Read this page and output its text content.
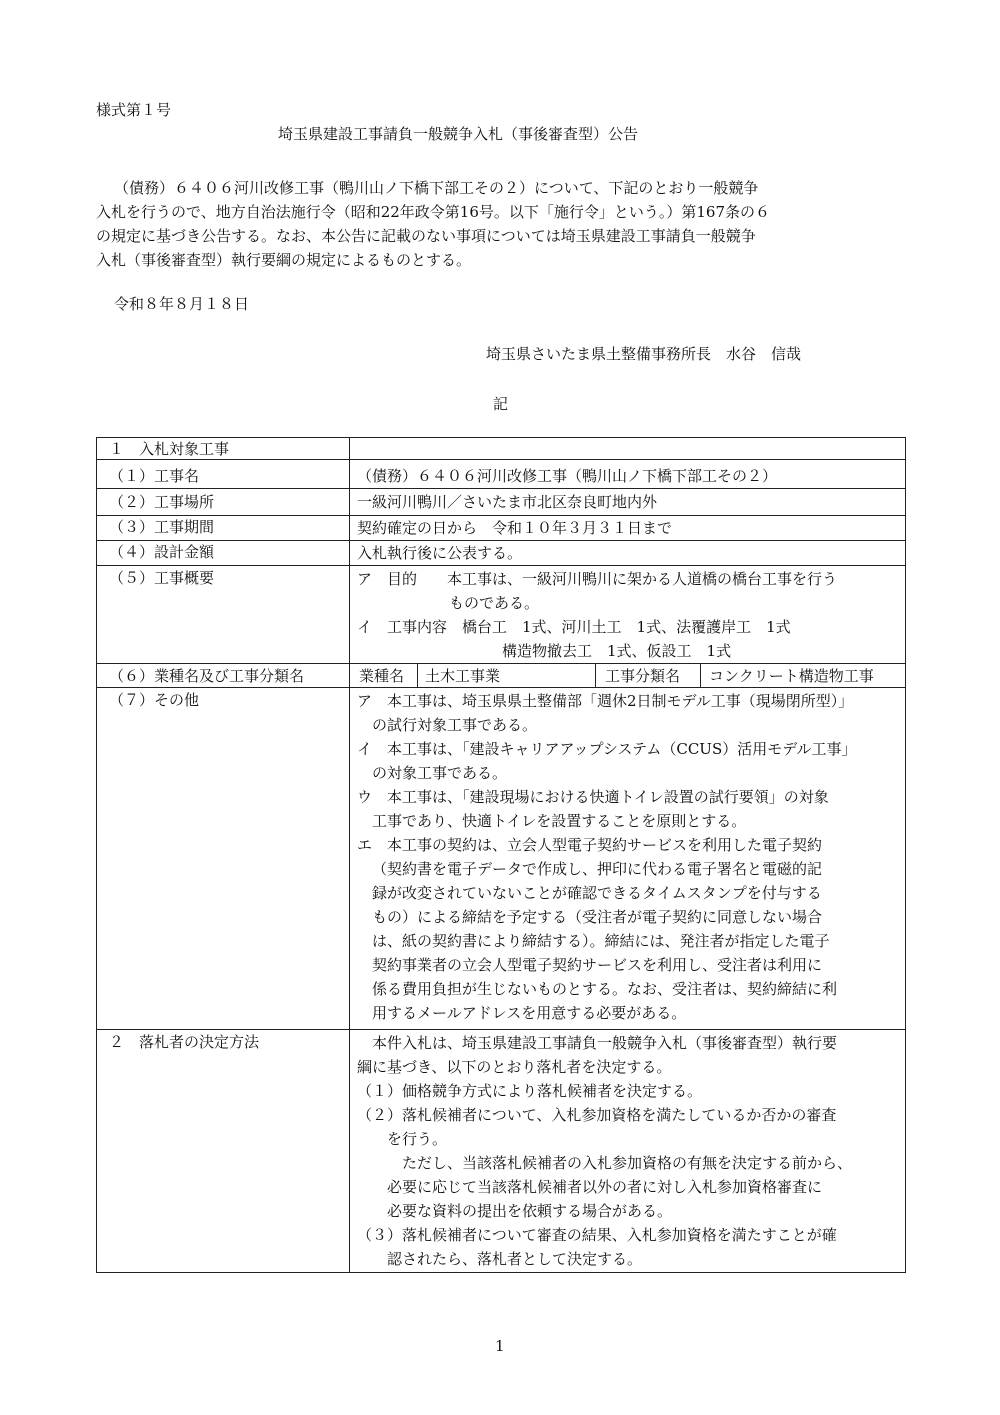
様式第１号
埼玉県建設工事請負一般競争入札（事後審査型）公告
（債務）６４０６河川改修工事（鴨川山ノ下橋下部工その２）について、下記のとおり一般競争
入札を行うので、地方自治法施行令（昭和22年政令第16号。以下「施行令」という。）第167条の６
の規定に基づき公告する。なお、本公告に記載のない事項については埼玉県建設工事請負一般競争
入札（事後審査型）執行要綱の規定によるものとする。
令和８年８月１８日
埼玉県さいたま県土整備事務所長　水谷　信哉
記
１　入札対象工事
（１）工事名
（２）工事場所
（３）工事期間
（４）設計金額
（５）工事概要
（６）業種名及び工事分類名
（７）その他
２　落札者の決定方法
（債務）６４０６河川改修工事（鴨川山ノ下橋下部工その２）
一級河川鴨川／さいたま市北区奈良町地内外
契約確定の日から　令和１０年３月３１日まで
入札執行後に公表する。
ア　目的　　本工事は、一級河川鴨川に架かる人道橋の橋台工事を行う
ものである。
イ　工事内容　橋台工　1式、河川土工　1式、法覆護岸工　1式
構造物撤去工　1式、仮設工　1式
業種名 土木工事業	工事分類名 コンクリート構造物工事
ア　本工事は、埼玉県県土整備部「週休2日制モデル工事（現場閉所型）」
の試行対象工事である。
イ　本工事は、「建設キャリアアップシステム（CCUS）活用モデル工事」
の対象工事である。
ウ　本工事は、「建設現場における快適トイレ設置の試行要領」の対象
工事であり、快適トイレを設置することを原則とする。
エ　本工事の契約は、立会人型電子契約サービスを利用した電子契約
（契約書を電子データで作成し、押印に代わる電子署名と電磁的記
録が改変されていないことが確認できるタイムスタンプを付与する
もの）による締結を予定する（受注者が電子契約に同意しない場合
は、紙の契約書により締結する）。締結には、発注者が指定した電子
契約事業者の立会人型電子契約サービスを利用し、受注者は利用に
係る費用負担が生じないものとする。なお、受注者は、契約締結に利
用するメールアドレスを用意する必要がある。
本件入札は、埼玉県建設工事請負一般競争入札（事後審査型）執行要
綱に基づき、以下のとおり落札者を決定する。
（１）価格競争方式により落札候補者を決定する。
（２）落札候補者について、入札参加資格を満たしているか否かの審査
を行う。
ただし、当該落札候補者の入札参加資格の有無を決定する前から、
必要に応じて当該落札候補者以外の者に対し入札参加資格審査に
必要な資料の提出を依頼する場合がある。
（３）落札候補者について審査の結果、入札参加資格を満たすことが確
認されたら、落札者として決定する。
1
